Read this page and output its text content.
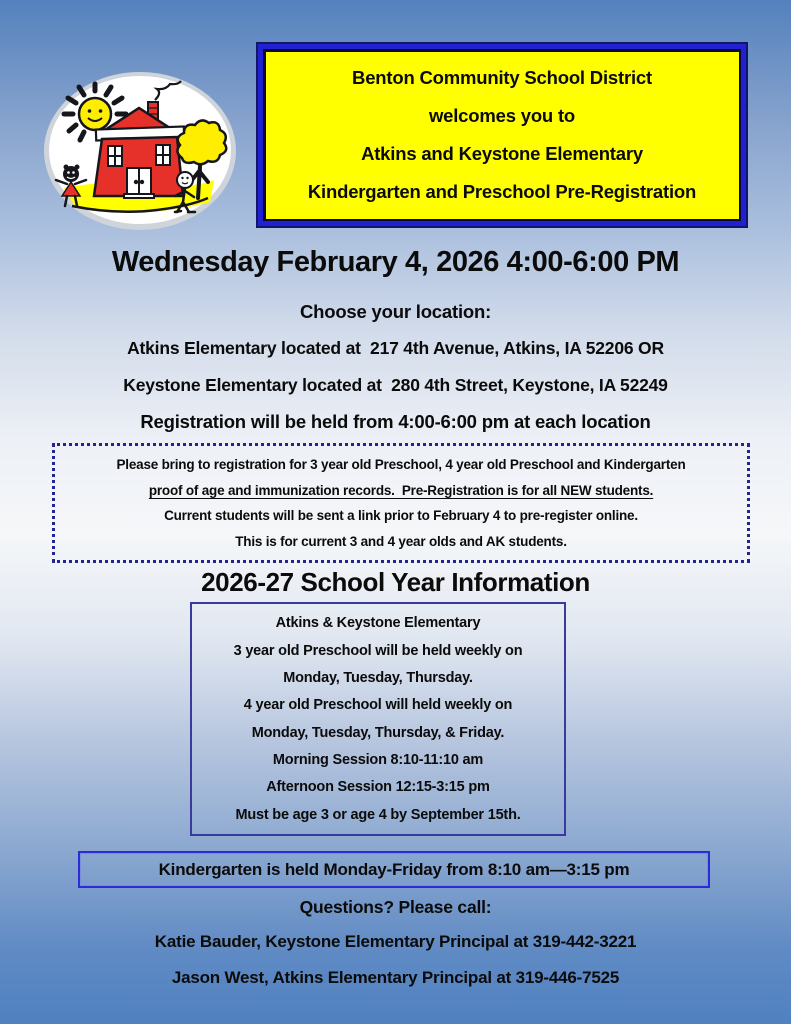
Benton Community School District
welcomes you to
Atkins and Keystone Elementary
Kindergarten and Preschool Pre-Registration
Wednesday February 4, 2026 4:00-6:00 PM
Choose your location:
Atkins Elementary located at  217 4th Avenue, Atkins, IA 52206 OR
Keystone Elementary located at  280 4th Street, Keystone, IA 52249
Registration will be held from 4:00-6:00 pm at each location
Please bring to registration for 3 year old Preschool, 4 year old Preschool and Kindergarten
proof of age and immunization records.  Pre-Registration is for all NEW students.
Current students will be sent a link prior to February 4 to pre-register online.
This is for current 3 and 4 year olds and AK students.
2026-27 School Year Information
Atkins & Keystone Elementary
3 year old Preschool will be held weekly on
Monday, Tuesday, Thursday.
4 year old Preschool will held weekly on
Monday, Tuesday, Thursday, & Friday.
Morning Session 8:10-11:10 am
Afternoon Session 12:15-3:15 pm
Must be age 3 or age 4 by September 15th.
Kindergarten is held Monday-Friday from 8:10 am—3:15 pm
Questions? Please call:
Katie Bauder, Keystone Elementary Principal at 319-442-3221
Jason West, Atkins Elementary Principal at 319-446-7525
